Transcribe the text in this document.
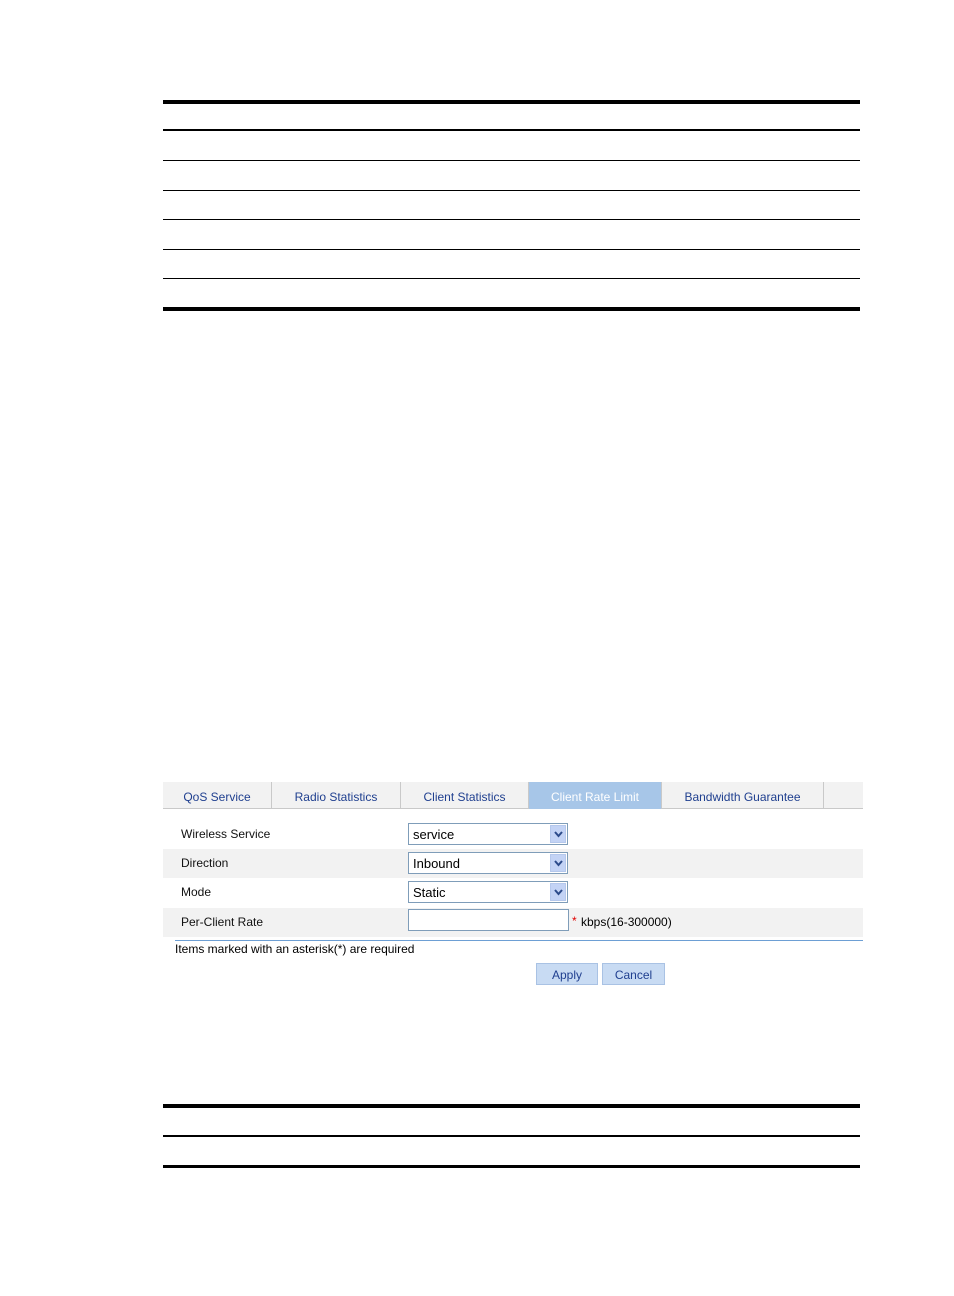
QoS Service	Radio Statistics	Client Statistics	Client Rate Limit	Bandwidth Guarantee
Wireless Service	service
Direction	Inbound
Mode	Static
Per-Client Rate	* kbps(16-300000)
Items marked with an asterisk(*) are required
Apply	Cancel
